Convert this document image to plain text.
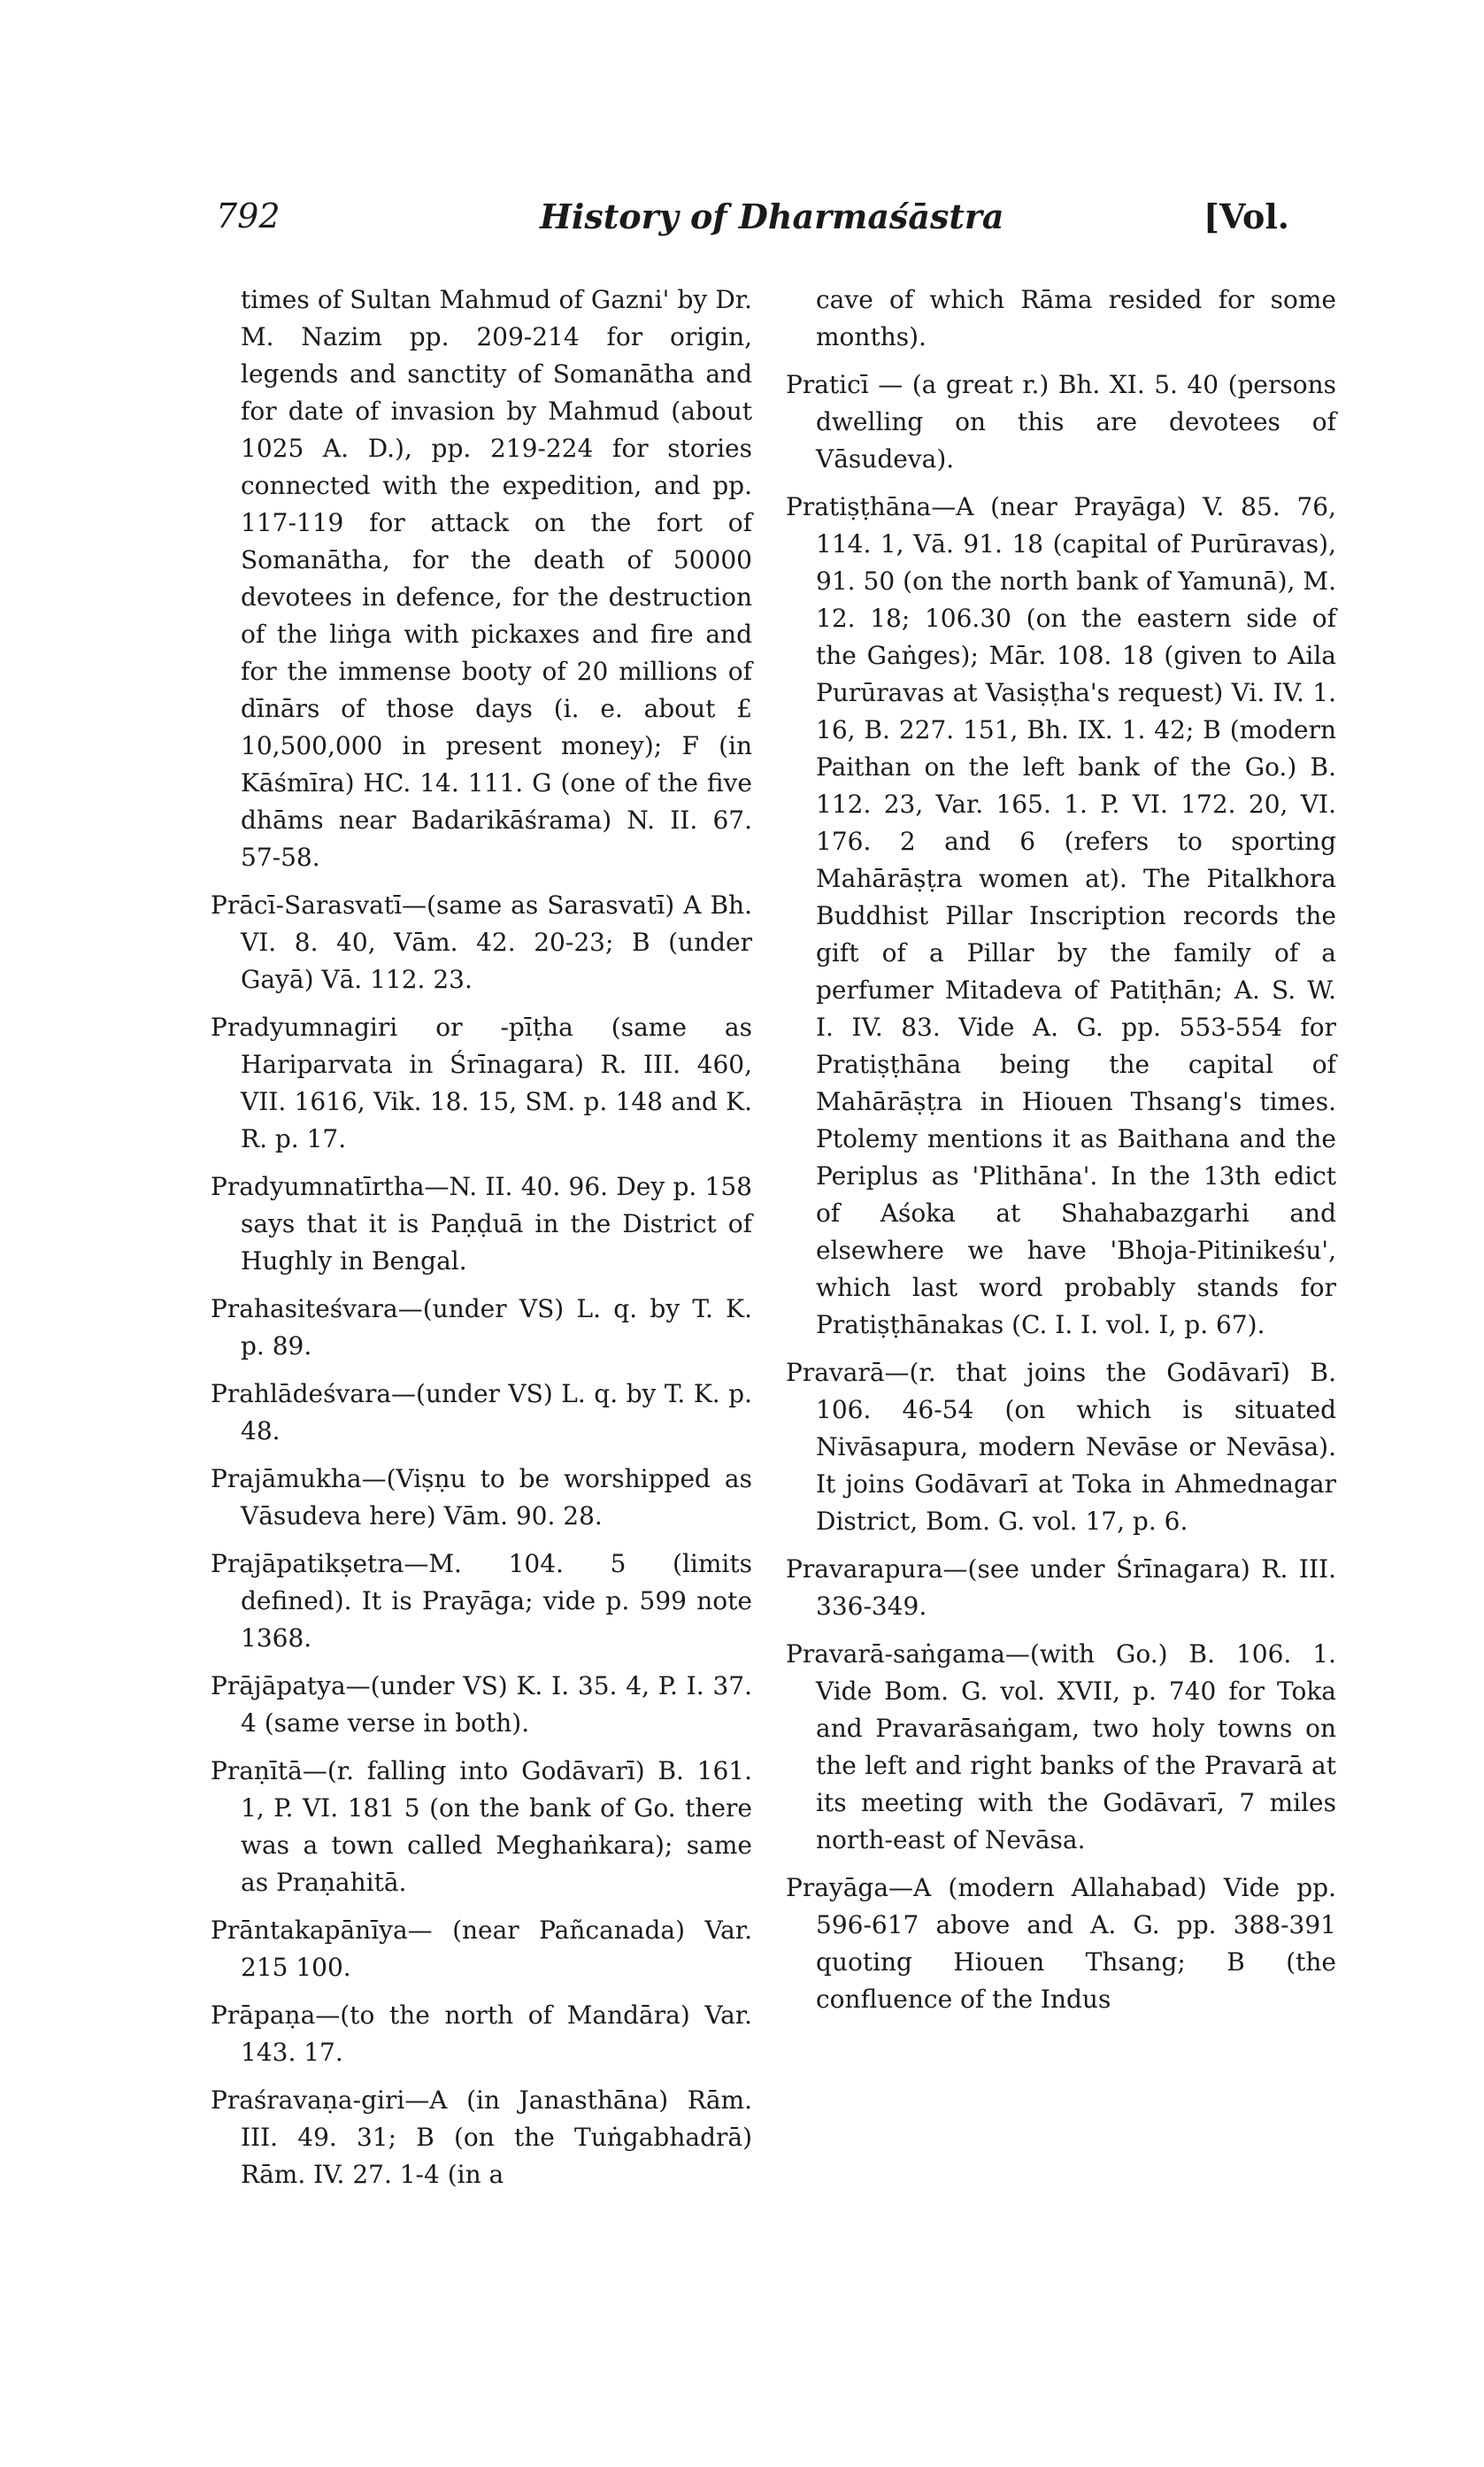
792	History of Dharmaśāstra	[Vol.

times of Sultan Mahmud of Gazni' by Dr. M. Nazim pp. 209-214 for origin, legends and sanctity of Somanātha and for date of invasion by Mahmud (about 1025 A. D.), pp. 219-224 for stories connected with the expedition, and pp. 117-119 for attack on the fort of Somanātha, for the death of 50000 devotees in defence, for the destruction of the liṅga with pickaxes and fire and for the immense booty of 20 millions of dīnārs of those days (i. e. about £ 10,500,000 in present money); F (in Kāśmīra) HC. 14. 111. G (one of the five dhāms near Badarikāśrama) N. II. 67. 57-58.

Prācī-Sarasvatī—(same as Sarasvatī) A Bh. VI. 8. 40, Vām. 42. 20-23; B (under Gayā) Vā. 112. 23.

Pradyumnagiri or -pīṭha (same as Hariparvata in Śrīnagara) R. III. 460, VII. 1616, Vik. 18. 15, SM. p. 148 and K. R. p. 17.

Pradyumnatīrtha—N. II. 40. 96. Dey p. 158 says that it is Paṇḍuā in the District of Hughly in Bengal.

Prahasiteśvara—(under VS) L. q. by T. K. p. 89.

Prahlādeśvara—(under VS) L. q. by T. K. p. 48.

Prajāmukha—(Viṣṇu to be worshipped as Vāsudeva here) Vām. 90. 28.

Prajāpatikṣetra—M. 104. 5 (limits defined). It is Prayāga; vide p. 599 note 1368.

Prājāpatya—(under VS) K. I. 35. 4, P. I. 37. 4 (same verse in both).

Praṇītā—(r. falling into Godāvarī) B. 161. 1, P. VI. 181 5 (on the bank of Go. there was a town called Meghaṅkara); same as Praṇahitā.

Prāntakapānīya— (near Pañcanada) Var. 215 100.

Prāpaṇa—(to the north of Mandāra) Var. 143. 17.

Praśravaṇa-giri—A (in Janasthāna) Rām. III. 49. 31; B (on the Tuṅgabhadrā) Rām. IV. 27. 1-4 (in a

cave of which Rāma resided for some months).

Praticī — (a great r.) Bh. XI. 5. 40 (persons dwelling on this are devotees of Vāsudeva).

Pratiṣṭhāna—A (near Prayāga) V. 85. 76, 114. 1, Vā. 91. 18 (capital of Purūravas), 91. 50 (on the north bank of Yamunā), M. 12. 18; 106.30 (on the eastern side of the Gaṅges); Mār. 108. 18 (given to Aila Purūravas at Vasiṣṭha's request) Vi. IV. 1. 16, B. 227. 151, Bh. IX. 1. 42; B (modern Paithan on the left bank of the Go.) B. 112. 23, Var. 165. 1. P. VI. 172. 20, VI. 176. 2 and 6 (refers to sporting Mahārāṣṭra women at). The Pitalkhora Buddhist Pillar Inscription records the gift of a Pillar by the family of a perfumer Mitadeva of Patiṭhān; A. S. W. I. IV. 83. Vide A. G. pp. 553-554 for Pratiṣṭhāna being the capital of Mahārāṣṭra in Hiouen Thsang's times. Ptolemy mentions it as Baithana and the Periplus as 'Plithāna'. In the 13th edict of Aśoka at Shahabazgarhi and elsewhere we have 'Bhoja-Pitinikeśu', which last word probably stands for Pratiṣṭhānakas (C. I. I. vol. I, p. 67).

Pravarā—(r. that joins the Godāvarī) B. 106. 46-54 (on which is situated Nivāsapura, modern Nevāse or Nevāsa). It joins Godāvarī at Toka in Ahmednagar District, Bom. G. vol. 17, p. 6.

Pravarapura—(see under Śrīnagara) R. III. 336-349.

Pravarā-saṅgama—(with Go.) B. 106. 1. Vide Bom. G. vol. XVII, p. 740 for Toka and Pravarāsaṅgam, two holy towns on the left and right banks of the Pravarā at its meeting with the Godāvarī, 7 miles north-east of Nevāsa.

Prayāga—A (modern Allahabad) Vide pp. 596-617 above and A. G. pp. 388-391 quoting Hiouen Thsang; B (the confluence of the Indus
